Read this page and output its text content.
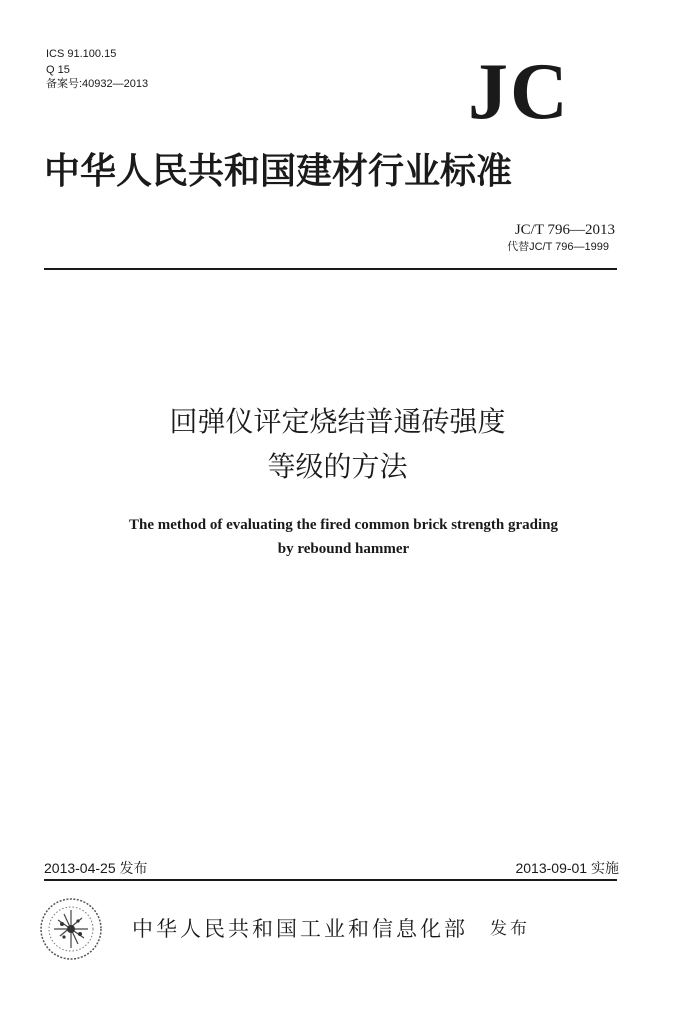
ICS 91.100.15
Q 15
备案号:40932—2013	JC
中华人民共和国建材行业标准
JC/T 796—2013
代替JC/T 796—1999
回弹仪评定烧结普通砖强度
等级的方法
The method of evaluating the fired common brick strength grading
by rebound hammer
2013-04-25 发布	2013-09-01 实施
中华人民共和国工业和信息化部 发布
